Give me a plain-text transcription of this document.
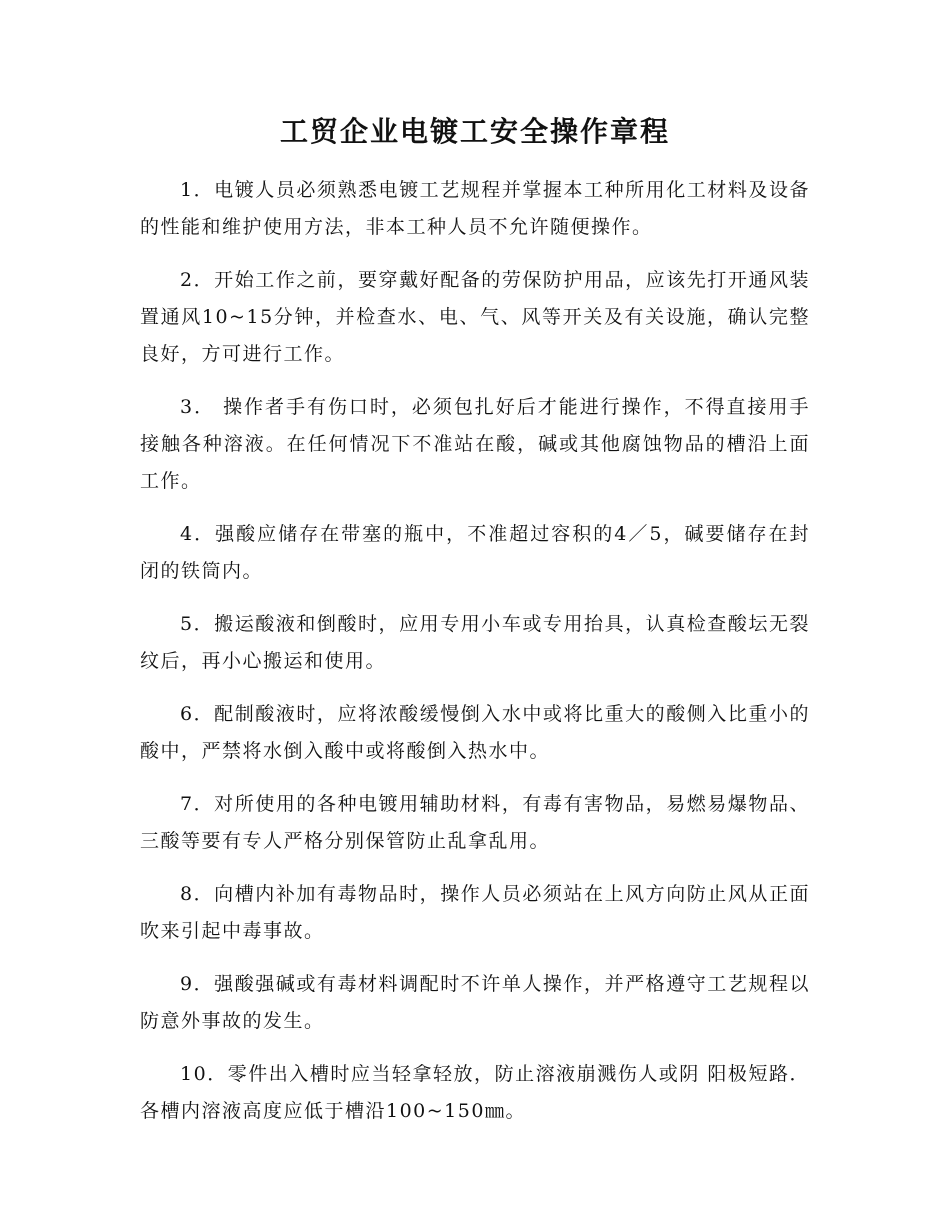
工贸企业电镀工安全操作章程

1．电镀人员必须熟悉电镀工艺规程并掌握本工种所用化工材料及设备的性能和维护使用方法，非本工种人员不允许随便操作。

2．开始工作之前，要穿戴好配备的劳保防护用品，应该先打开通风装置通风10~15分钟，并检查水、电、气、风等开关及有关设施，确认完整良好，方可进行工作。

3． 操作者手有伤口时，必须包扎好后才能进行操作，不得直接用手接触各种溶液。在任何情况下不准站在酸，碱或其他腐蚀物品的槽沿上面工作。

4．强酸应储存在带塞的瓶中，不准超过容积的4／5，碱要储存在封闭的铁筒内。

5．搬运酸液和倒酸时，应用专用小车或专用抬具，认真检查酸坛无裂纹后，再小心搬运和使用。

6．配制酸液时，应将浓酸缓慢倒入水中或将比重大的酸侧入比重小的酸中，严禁将水倒入酸中或将酸倒入热水中。

7．对所使用的各种电镀用辅助材料，有毒有害物品，易燃易爆物品、三酸等要有专人严格分别保管防止乱拿乱用。

8．向槽内补加有毒物品时，操作人员必须站在上风方向防止风从正面吹来引起中毒事故。

9．强酸强碱或有毒材料调配时不许单人操作，并严格遵守工艺规程以防意外事故的发生。

10．零件出入槽时应当轻拿轻放，防止溶液崩溅伤人或阴 阳极短路．各槽内溶液高度应低于槽沿100~150㎜。
